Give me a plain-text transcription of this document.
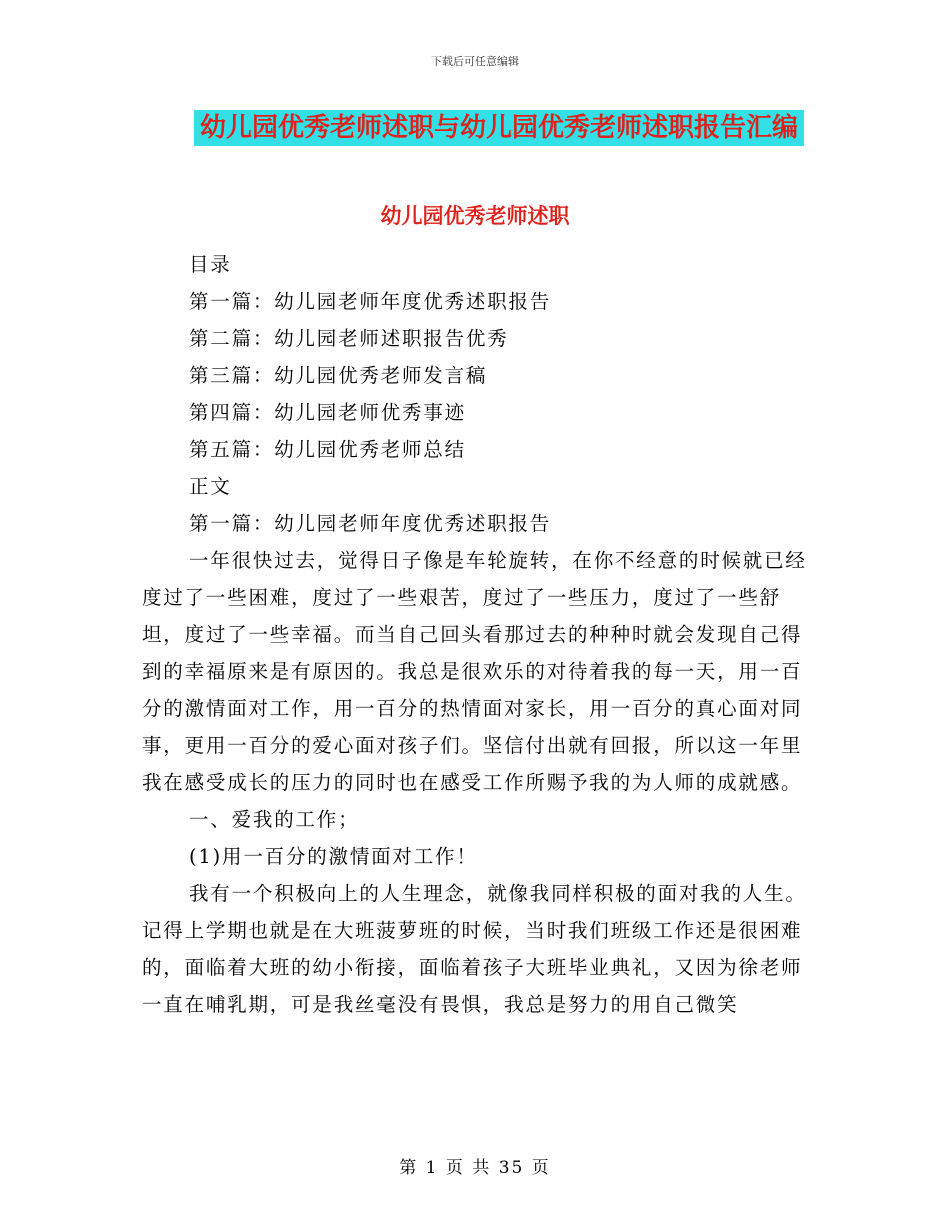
下载后可任意编辑
幼儿园优秀老师述职与幼儿园优秀老师述职报告汇编
幼儿园优秀老师述职

目录

第一篇：幼儿园老师年度优秀述职报告

第二篇：幼儿园老师述职报告优秀

第三篇：幼儿园优秀老师发言稿

第四篇：幼儿园老师优秀事迹

第五篇：幼儿园优秀老师总结

正文

第一篇：幼儿园老师年度优秀述职报告

一年很快过去，觉得日子像是车轮旋转，在你不经意的时候就已经度过了一些困难，度过了一些艰苦，度过了一些压力，度过了一些舒坦，度过了一些幸福。而当自己回头看那过去的种种时就会发现自己得到的幸福原来是有原因的。我总是很欢乐的对待着我的每一天，用一百分的激情面对工作，用一百分的热情面对家长，用一百分的真心面对同事，更用一百分的爱心面对孩子们。坚信付出就有回报，所以这一年里我在感受成长的压力的同时也在感受工作所赐予我的为人师的成就感。

一、爱我的工作；

(1)用一百分的激情面对工作！

我有一个积极向上的人生理念，就像我同样积极的面对我的人生。记得上学期也就是在大班菠萝班的时候，当时我们班级工作还是很困难的，面临着大班的幼小衔接，面临着孩子大班毕业典礼，又因为徐老师一直在哺乳期，可是我丝毫没有畏惧，我总是努力的用自己微笑

第 1 页 共 35 页
